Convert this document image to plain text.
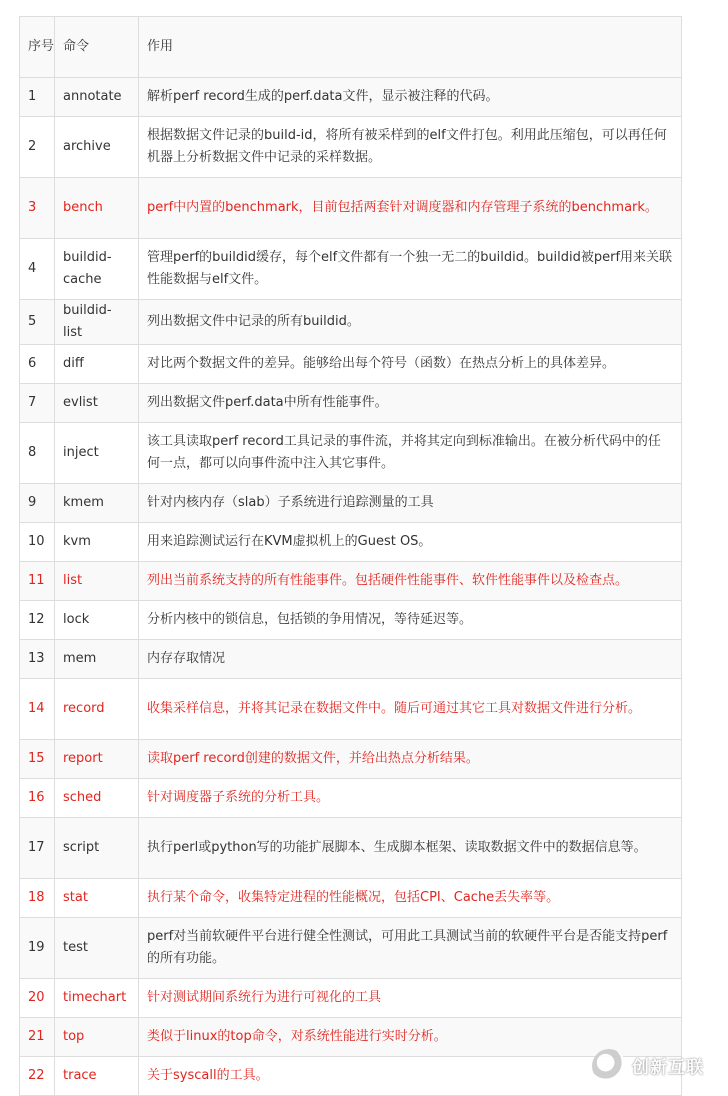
序号	命令	作用
1	annotate	解析perf record生成的perf.data文件，显示被注释的代码。
2	archive	根据数据文件记录的build-id，将所有被采样到的elf文件打包。利用此压缩包，可以再任何机器上分析数据文件中记录的采样数据。
3	bench	perf中内置的benchmark，目前包括两套针对调度器和内存管理子系统的benchmark。
4	buildid-cache	管理perf的buildid缓存，每个elf文件都有一个独一无二的buildid。buildid被perf用来关联性能数据与elf文件。
5	buildid-list	列出数据文件中记录的所有buildid。
6	diff	对比两个数据文件的差异。能够给出每个符号（函数）在热点分析上的具体差异。
7	evlist	列出数据文件perf.data中所有性能事件。
8	inject	该工具读取perf record工具记录的事件流，并将其定向到标准输出。在被分析代码中的任何一点，都可以向事件流中注入其它事件。
9	kmem	针对内核内存（slab）子系统进行追踪测量的工具
10	kvm	用来追踪测试运行在KVM虚拟机上的Guest OS。
11	list	列出当前系统支持的所有性能事件。包括硬件性能事件、软件性能事件以及检查点。
12	lock	分析内核中的锁信息，包括锁的争用情况，等待延迟等。
13	mem	内存存取情况
14	record	收集采样信息，并将其记录在数据文件中。随后可通过其它工具对数据文件进行分析。
15	report	读取perf record创建的数据文件，并给出热点分析结果。
16	sched	针对调度器子系统的分析工具。
17	script	执行perl或python写的功能扩展脚本、生成脚本框架、读取数据文件中的数据信息等。
18	stat	执行某个命令，收集特定进程的性能概况，包括CPI、Cache丢失率等。
19	test	perf对当前软硬件平台进行健全性测试，可用此工具测试当前的软硬件平台是否能支持perf的所有功能。
20	timechart	针对测试期间系统行为进行可视化的工具
21	top	类似于linux的top命令，对系统性能进行实时分析。
22	trace	关于syscall的工具。	创新互联
